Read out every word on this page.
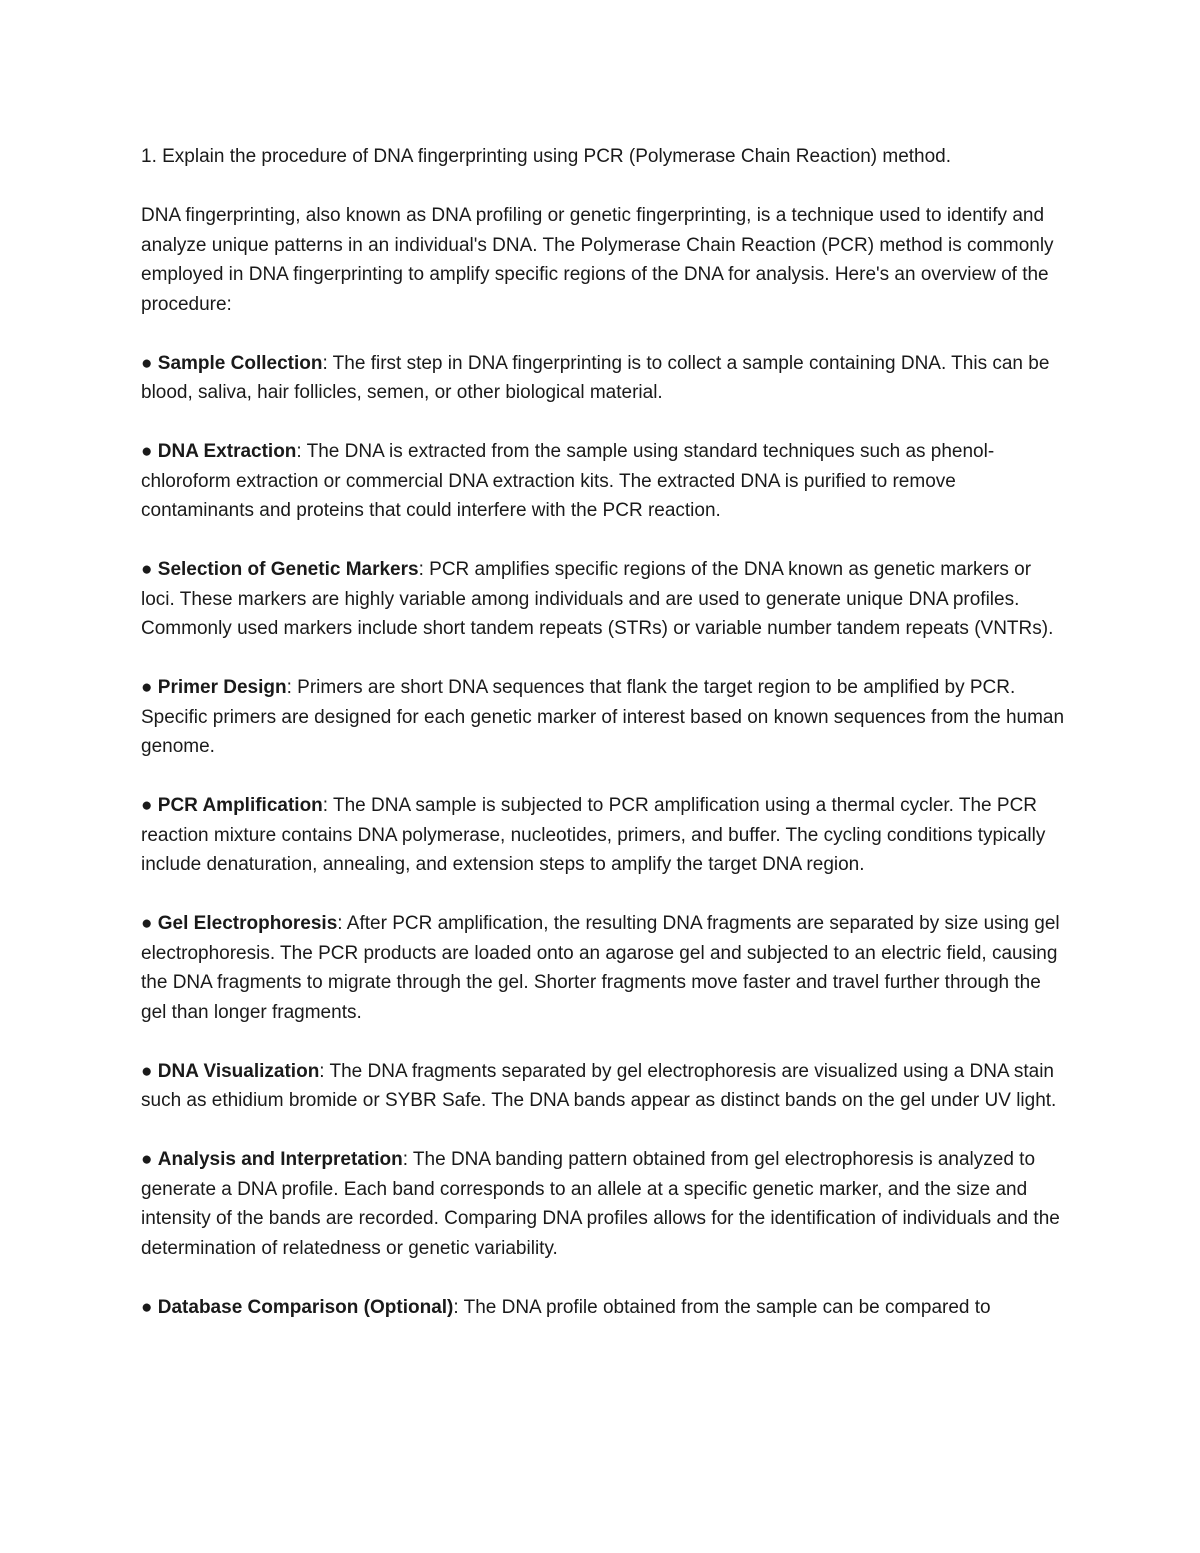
1. Explain the procedure of DNA fingerprinting using PCR (Polymerase Chain Reaction) method.

DNA fingerprinting, also known as DNA profiling or genetic fingerprinting, is a technique used to identify and analyze unique patterns in an individual's DNA. The Polymerase Chain Reaction (PCR) method is commonly employed in DNA fingerprinting to amplify specific regions of the DNA for analysis. Here's an overview of the procedure:

● Sample Collection: The first step in DNA fingerprinting is to collect a sample containing DNA. This can be blood, saliva, hair follicles, semen, or other biological material.

● DNA Extraction: The DNA is extracted from the sample using standard techniques such as phenol-chloroform extraction or commercial DNA extraction kits. The extracted DNA is purified to remove contaminants and proteins that could interfere with the PCR reaction.

● Selection of Genetic Markers: PCR amplifies specific regions of the DNA known as genetic markers or loci. These markers are highly variable among individuals and are used to generate unique DNA profiles. Commonly used markers include short tandem repeats (STRs) or variable number tandem repeats (VNTRs).

● Primer Design: Primers are short DNA sequences that flank the target region to be amplified by PCR. Specific primers are designed for each genetic marker of interest based on known sequences from the human genome.

● PCR Amplification: The DNA sample is subjected to PCR amplification using a thermal cycler. The PCR reaction mixture contains DNA polymerase, nucleotides, primers, and buffer. The cycling conditions typically include denaturation, annealing, and extension steps to amplify the target DNA region.

● Gel Electrophoresis: After PCR amplification, the resulting DNA fragments are separated by size using gel electrophoresis. The PCR products are loaded onto an agarose gel and subjected to an electric field, causing the DNA fragments to migrate through the gel. Shorter fragments move faster and travel further through the gel than longer fragments.

● DNA Visualization: The DNA fragments separated by gel electrophoresis are visualized using a DNA stain such as ethidium bromide or SYBR Safe. The DNA bands appear as distinct bands on the gel under UV light.

● Analysis and Interpretation: The DNA banding pattern obtained from gel electrophoresis is analyzed to generate a DNA profile. Each band corresponds to an allele at a specific genetic marker, and the size and intensity of the bands are recorded. Comparing DNA profiles allows for the identification of individuals and the determination of relatedness or genetic variability.

● Database Comparison (Optional): The DNA profile obtained from the sample can be compared to
